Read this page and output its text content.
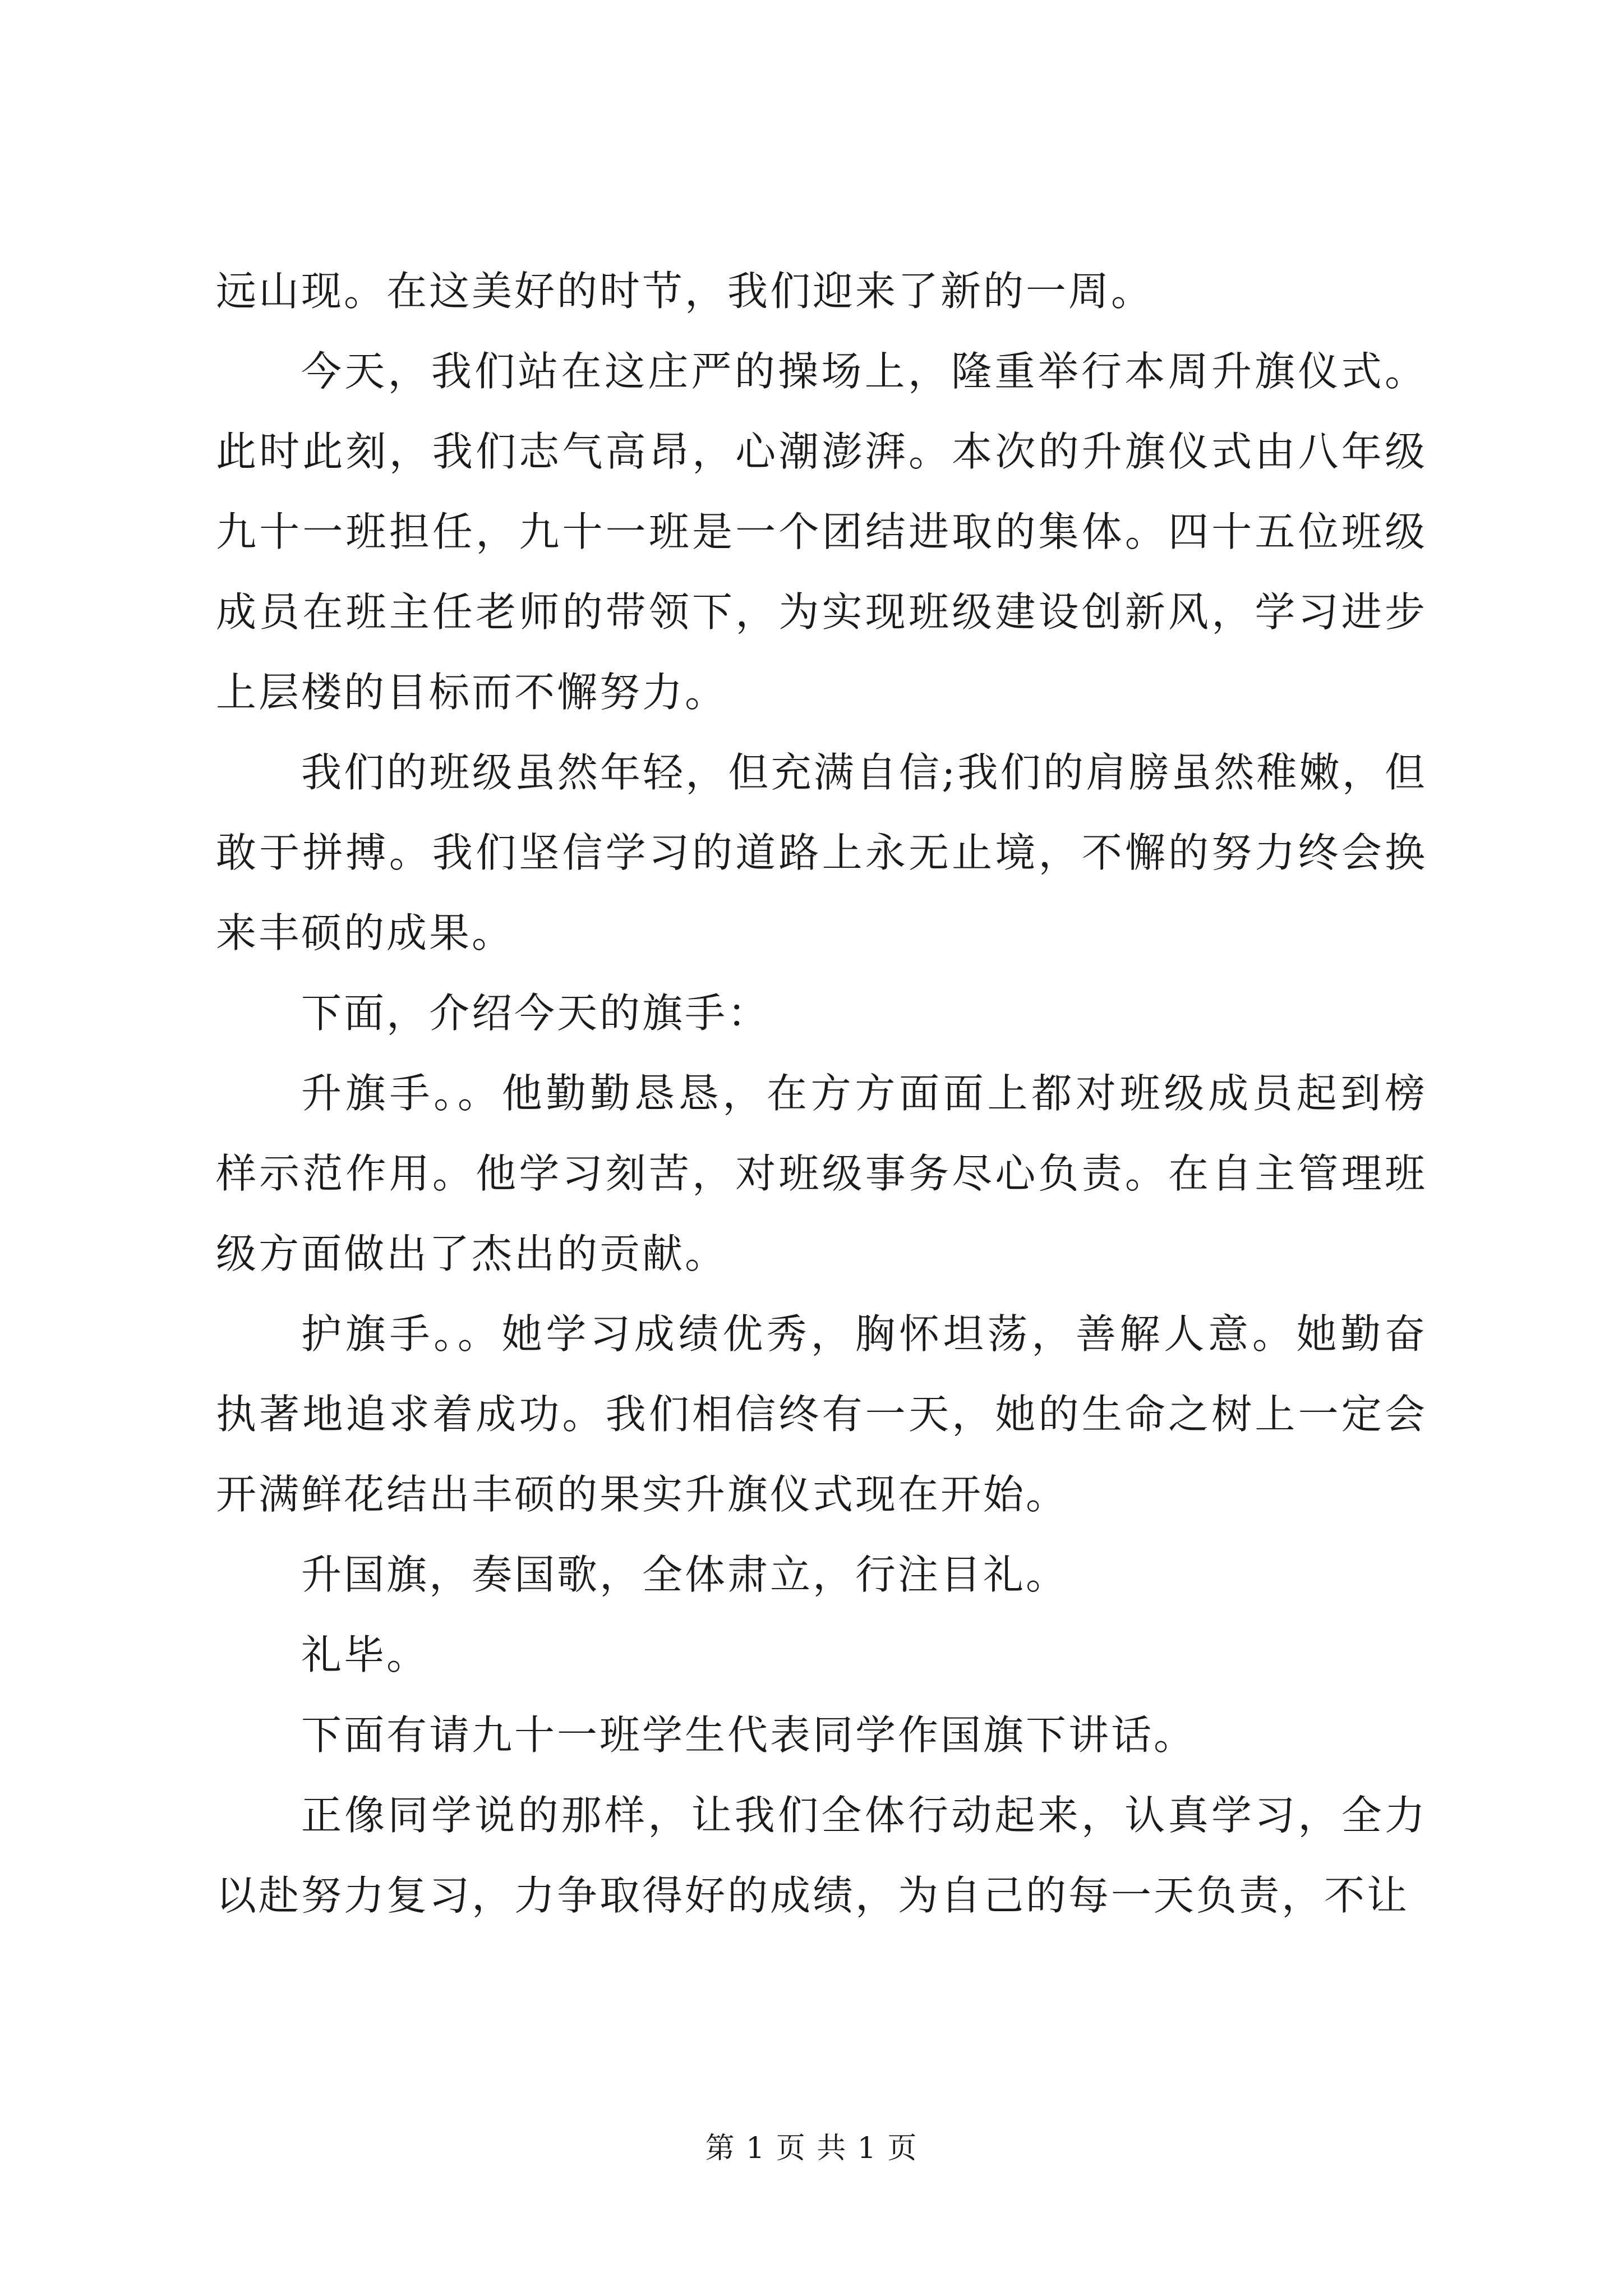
远山现。在这美好的时节，我们迎来了新的一周。

今天，我们站在这庄严的操场上，隆重举行本周升旗仪式。此时此刻，我们志气高昂，心潮澎湃。本次的升旗仪式由八年级九十一班担任，九十一班是一个团结进取的集体。四十五位班级成员在班主任老师的带领下，为实现班级建设创新风，学习进步上层楼的目标而不懈努力。

我们的班级虽然年轻，但充满自信;我们的肩膀虽然稚嫩，但敢于拼搏。我们坚信学习的道路上永无止境，不懈的努力终会换来丰硕的成果。

下面，介绍今天的旗手：

升旗手。。他勤勤恳恳，在方方面面上都对班级成员起到榜样示范作用。他学习刻苦，对班级事务尽心负责。在自主管理班级方面做出了杰出的贡献。

护旗手。。她学习成绩优秀，胸怀坦荡，善解人意。她勤奋执著地追求着成功。我们相信终有一天，她的生命之树上一定会开满鲜花结出丰硕的果实升旗仪式现在开始。

升国旗，奏国歌，全体肃立，行注目礼。

礼毕。

下面有请九十一班学生代表同学作国旗下讲话。

正像同学说的那样，让我们全体行动起来，认真学习，全力以赴努力复习，力争取得好的成绩，为自己的每一天负责，不让

第 1 页 共 1 页
